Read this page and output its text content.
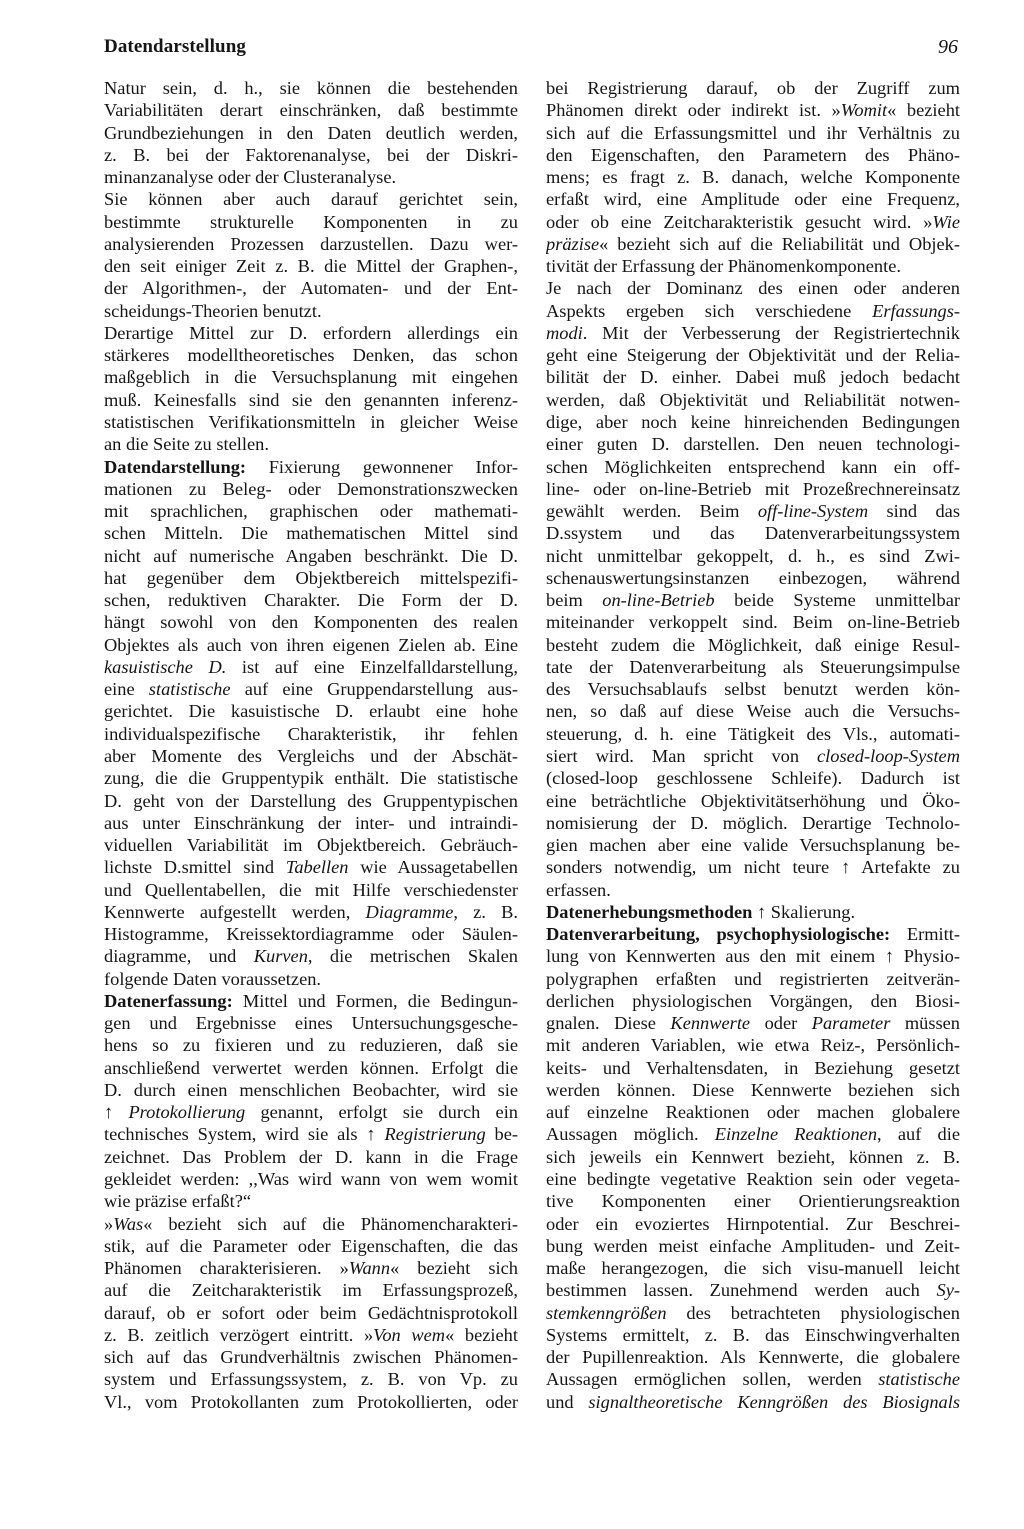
Datendarstellung	96
Natur sein, d. h., sie können die bestehenden
Variabilitäten derart einschränken, daß bestimmte
Grundbeziehungen in den Daten deutlich werden,
z. B. bei der Faktorenanalyse, bei der Diskri-
minanzanalyse oder der Clusteranalyse.
Sie können aber auch darauf gerichtet sein,
bestimmte strukturelle Komponenten in zu
analysierenden Prozessen darzustellen. Dazu wer-
den seit einiger Zeit z. B. die Mittel der Graphen-,
der Algorithmen-, der Automaten- und der Ent-
scheidungs-Theorien benutzt.
Derartige Mittel zur D. erfordern allerdings ein
stärkeres modelltheoretisches Denken, das schon
maßgeblich in die Versuchsplanung mit eingehen
muß. Keinesfalls sind sie den genannten inferenz-
statistischen Verifikationsmitteln in gleicher Weise
an die Seite zu stellen.
Datendarstellung: Fixierung gewonnener Infor-
mationen zu Beleg- oder Demonstrationszwecken
mit sprachlichen, graphischen oder mathemati-
schen Mitteln. Die mathematischen Mittel sind
nicht auf numerische Angaben beschränkt. Die D.
hat gegenüber dem Objektbereich mittelspezifi-
schen, reduktiven Charakter. Die Form der D.
hängt sowohl von den Komponenten des realen
Objektes als auch von ihren eigenen Zielen ab. Eine
kasuistische D. ist auf eine Einzelfalldarstellung,
eine statistische auf eine Gruppendarstellung aus-
gerichtet. Die kasuistische D. erlaubt eine hohe
individualspezifische Charakteristik, ihr fehlen
aber Momente des Vergleichs und der Abschät-
zung, die die Gruppentypik enthält. Die statistische
D. geht von der Darstellung des Gruppentypischen
aus unter Einschränkung der inter- und intraindi-
viduellen Variabilität im Objektbereich. Gebräuch-
lichste D.smittel sind Tabellen wie Aussagetabellen
und Quellentabellen, die mit Hilfe verschiedenster
Kennwerte aufgestellt werden, Diagramme, z. B.
Histogramme, Kreissektordiagramme oder Säulen-
diagramme, und Kurven, die metrischen Skalen
folgende Daten voraussetzen.
Datenerfassung: Mittel und Formen, die Bedingun-
gen und Ergebnisse eines Untersuchungsgesche-
hens so zu fixieren und zu reduzieren, daß sie
anschließend verwertet werden können. Erfolgt die
D. durch einen menschlichen Beobachter, wird sie
↑ Protokollierung genannt, erfolgt sie durch ein
technisches System, wird sie als ↑ Registrierung be-
zeichnet. Das Problem der D. kann in die Frage
gekleidet werden: ,,Was wird wann von wem womit
wie präzise erfaßt?“
»Was« bezieht sich auf die Phänomencharakteri-
stik, auf die Parameter oder Eigenschaften, die das
Phänomen charakterisieren. »Wann« bezieht sich
auf die Zeitcharakteristik im Erfassungsprozeß,
darauf, ob er sofort oder beim Gedächtnisprotokoll
z. B. zeitlich verzögert eintritt. »Von wem« bezieht
sich auf das Grundverhältnis zwischen Phänomen-
system und Erfassungssystem, z. B. von Vp. zu
Vl., vom Protokollanten zum Protokollierten, oder
bei Registrierung darauf, ob der Zugriff zum
Phänomen direkt oder indirekt ist. »Womit« bezieht
sich auf die Erfassungsmittel und ihr Verhältnis zu
den Eigenschaften, den Parametern des Phäno-
mens; es fragt z. B. danach, welche Komponente
erfaßt wird, eine Amplitude oder eine Frequenz,
oder ob eine Zeitcharakteristik gesucht wird. »Wie
präzise« bezieht sich auf die Reliabilität und Objek-
tivität der Erfassung der Phänomenkomponente.
Je nach der Dominanz des einen oder anderen
Aspekts ergeben sich verschiedene Erfassungs-
modi. Mit der Verbesserung der Registriertechnik
geht eine Steigerung der Objektivität und der Relia-
bilität der D. einher. Dabei muß jedoch bedacht
werden, daß Objektivität und Reliabilität notwen-
dige, aber noch keine hinreichenden Bedingungen
einer guten D. darstellen. Den neuen technologi-
schen Möglichkeiten entsprechend kann ein off-
line- oder on-line-Betrieb mit Prozeßrechnereinsatz
gewählt werden. Beim off-line-System sind das
D.ssystem und das Datenverarbeitungssystem
nicht unmittelbar gekoppelt, d. h., es sind Zwi-
schenauswertungsinstanzen einbezogen, während
beim on-line-Betrieb beide Systeme unmittelbar
miteinander verkoppelt sind. Beim on-line-Betrieb
besteht zudem die Möglichkeit, daß einige Resul-
tate der Datenverarbeitung als Steuerungsimpulse
des Versuchsablaufs selbst benutzt werden kön-
nen, so daß auf diese Weise auch die Versuchs-
steuerung, d. h. eine Tätigkeit des Vls., automati-
siert wird. Man spricht von closed-loop-System
(closed-loop geschlossene Schleife). Dadurch ist
eine beträchtliche Objektivitätserhöhung und Öko-
nomisierung der D. möglich. Derartige Technolo-
gien machen aber eine valide Versuchsplanung be-
sonders notwendig, um nicht teure ↑ Artefakte zu
erfassen.
Datenerhebungsmethoden ↑ Skalierung.
Datenverarbeitung, psychophysiologische: Ermitt-
lung von Kennwerten aus den mit einem ↑ Physio-
polygraphen erfaßten und registrierten zeitverän-
derlichen physiologischen Vorgängen, den Biosi-
gnalen. Diese Kennwerte oder Parameter müssen
mit anderen Variablen, wie etwa Reiz-, Persönlich-
keits- und Verhaltensdaten, in Beziehung gesetzt
werden können. Diese Kennwerte beziehen sich
auf einzelne Reaktionen oder machen globalere
Aussagen möglich. Einzelne Reaktionen, auf die
sich jeweils ein Kennwert bezieht, können z. B.
eine bedingte vegetative Reaktion sein oder vegeta-
tive Komponenten einer Orientierungsreaktion
oder ein evoziertes Hirnpotential. Zur Beschrei-
bung werden meist einfache Amplituden- und Zeit-
maße herangezogen, die sich visu-manuell leicht
bestimmen lassen. Zunehmend werden auch Sy-
stemkenngrößen des betrachteten physiologischen
Systems ermittelt, z. B. das Einschwingverhalten
der Pupillenreaktion. Als Kennwerte, die globalere
Aussagen ermöglichen sollen, werden statistische
und signaltheoretische Kenngrößen des Biosignals
